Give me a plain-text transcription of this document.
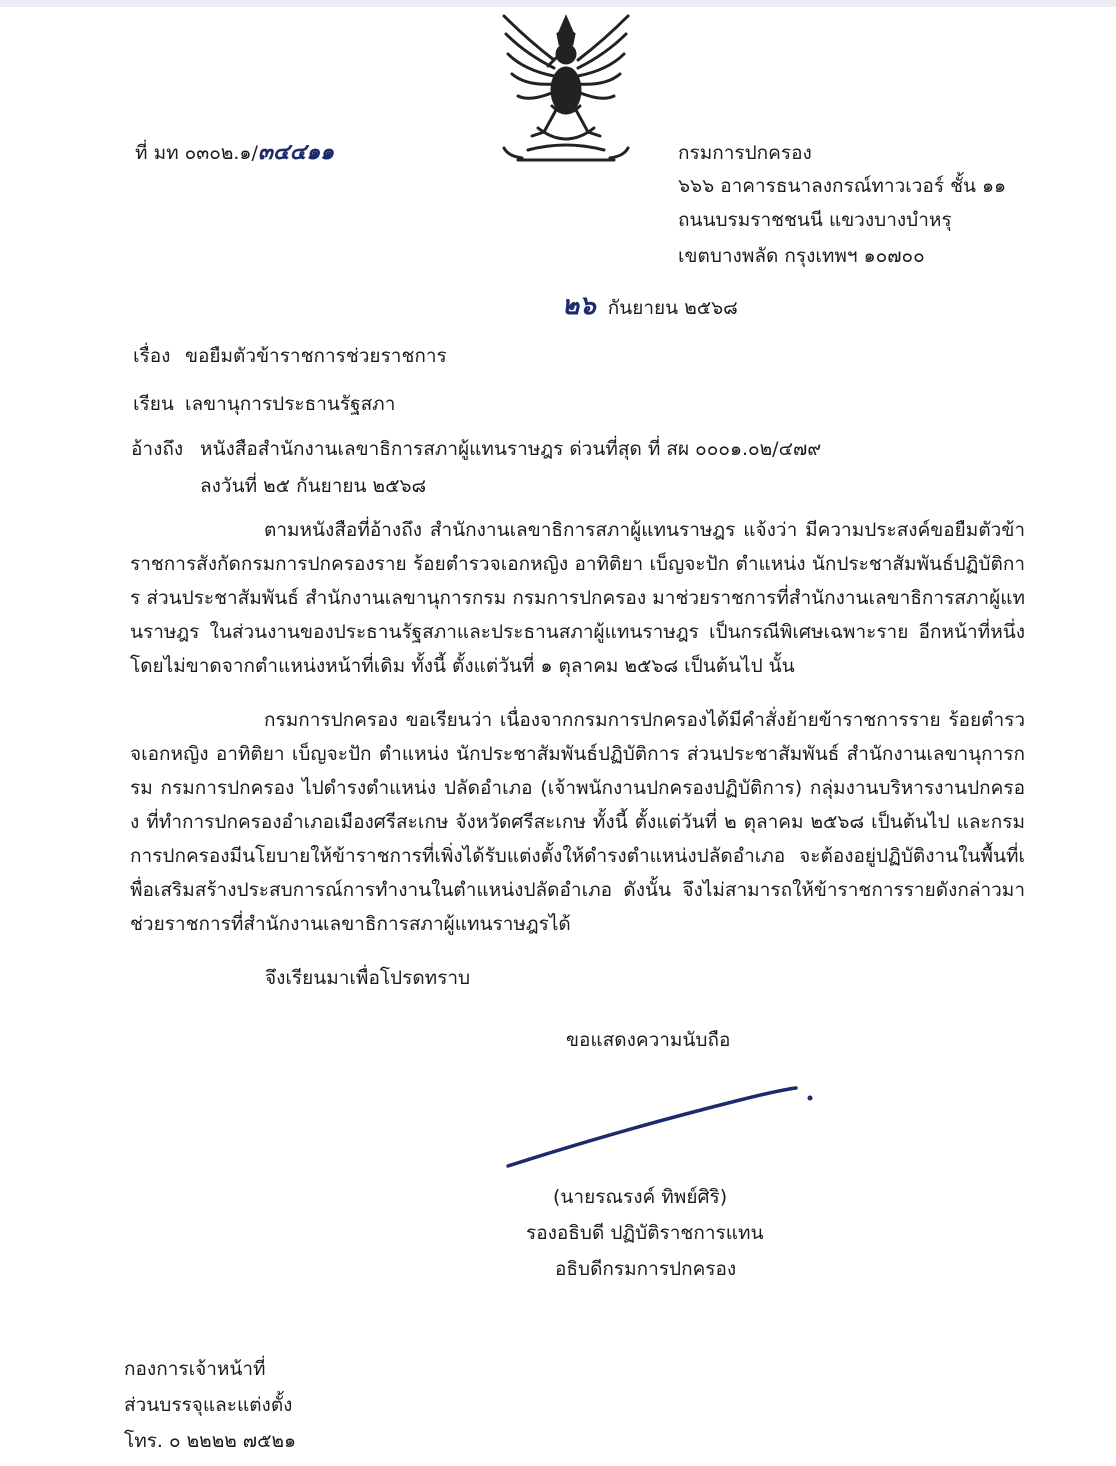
ที่ มท ๐๓๐๒.๑/๓๔๔๑๑	กรมการปกครอง
๖๖๖ อาคารธนาลงกรณ์ทาวเวอร์ ชั้น ๑๑
ถนนบรมราชชนนี แขวงบางบำหรุ
เขตบางพลัด กรุงเทพฯ ๑๐๗๐๐
๒๖ กันยายน ๒๕๖๘
เรื่อง ขอยืมตัวข้าราชการช่วยราชการ
เรียน เลขานุการประธานรัฐสภา
อ้างถึง หนังสือสำนักงานเลขาธิการสภาผู้แทนราษฎร ด่วนที่สุด ที่ สผ ๐๐๐๑.๐๒/๔๗๙
ลงวันที่ ๒๕ กันยายน ๒๕๖๘
ตามหนังสือที่อ้างถึง สำนักงานเลขาธิการสภาผู้แทนราษฎร แจ้งว่า มีความประสงค์ขอยืมตัวข้าราชการสังกัดกรมการปกครองราย ร้อยตำรวจเอกหญิง อาทิติยา เบ็ญจะปัก ตำแหน่ง นักประชาสัมพันธ์ปฏิบัติการ ส่วนประชาสัมพันธ์ สำนักงานเลขานุการกรม กรมการปกครอง มาช่วยราชการที่สำนักงานเลขาธิการสภาผู้แทนราษฎร ในส่วนงานของประธานรัฐสภาและประธานสภาผู้แทนราษฎร เป็นกรณีพิเศษเฉพาะราย อีกหน้าที่หนึ่ง โดยไม่ขาดจากตำแหน่งหน้าที่เดิม ทั้งนี้ ตั้งแต่วันที่ ๑ ตุลาคม ๒๕๖๘ เป็นต้นไป นั้น
กรมการปกครอง ขอเรียนว่า เนื่องจากกรมการปกครองได้มีคำสั่งย้ายข้าราชการราย ร้อยตำรวจเอกหญิง อาทิติยา เบ็ญจะปัก ตำแหน่ง นักประชาสัมพันธ์ปฏิบัติการ ส่วนประชาสัมพันธ์ สำนักงานเลขานุการกรม กรมการปกครอง ไปดำรงตำแหน่ง ปลัดอำเภอ (เจ้าพนักงานปกครองปฏิบัติการ) กลุ่มงานบริหารงานปกครอง ที่ทำการปกครองอำเภอเมืองศรีสะเกษ จังหวัดศรีสะเกษ ทั้งนี้ ตั้งแต่วันที่ ๒ ตุลาคม ๒๕๖๘ เป็นต้นไป และกรมการปกครองมีนโยบายให้ข้าราชการที่เพิ่งได้รับแต่งตั้งให้ดำรงตำแหน่งปลัดอำเภอ จะต้องอยู่ปฏิบัติงานในพื้นที่เพื่อเสริมสร้างประสบการณ์การทำงานในตำแหน่งปลัดอำเภอ ดังนั้น จึงไม่สามารถให้ข้าราชการรายดังกล่าวมาช่วยราชการที่สำนักงานเลขาธิการสภาผู้แทนราษฎรได้
จึงเรียนมาเพื่อโปรดทราบ
ขอแสดงความนับถือ
(นายรณรงค์ ทิพย์ศิริ)
รองอธิบดี ปฏิบัติราชการแทน
อธิบดีกรมการปกครอง
กองการเจ้าหน้าที่
ส่วนบรรจุและแต่งตั้ง
โทร. ๐ ๒๒๒๒ ๗๕๒๑
